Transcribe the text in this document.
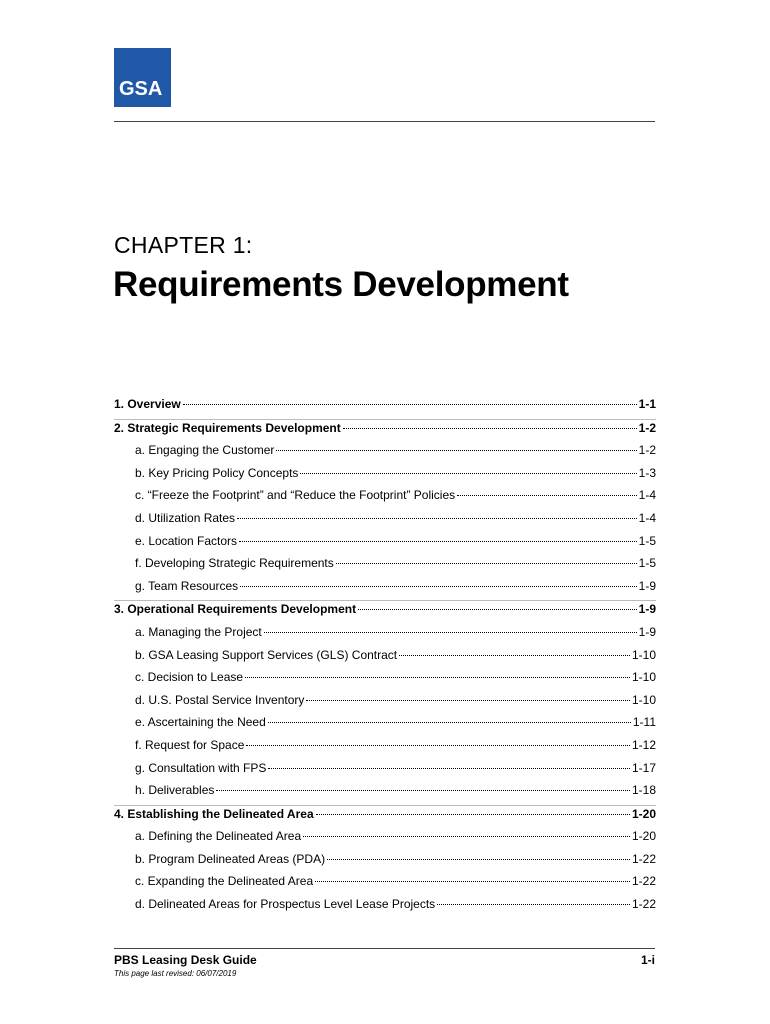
GSA
CHAPTER 1:
Requirements Development
1. Overview	1-1
2. Strategic Requirements Development	1-2
a. Engaging the Customer	1-2
b. Key Pricing Policy Concepts	1-3
c. “Freeze the Footprint” and “Reduce the Footprint” Policies	1-4
d. Utilization Rates	1-4
e. Location Factors	1-5
f. Developing Strategic Requirements	1-5
g. Team Resources	1-9
3. Operational Requirements Development	1-9
a. Managing the Project	1-9
b. GSA Leasing Support Services (GLS) Contract	1-10
c. Decision to Lease	1-10
d. U.S. Postal Service Inventory	1-10
e. Ascertaining the Need	1-11
f. Request for Space	1-12
g. Consultation with FPS	1-17
h. Deliverables	1-18
4. Establishing the Delineated Area	1-20
a. Defining the Delineated Area	1-20
b. Program Delineated Areas (PDA)	1-22
c. Expanding the Delineated Area	1-22
d. Delineated Areas for Prospectus Level Lease Projects	1-22
PBS Leasing Desk Guide	1-i
This page last revised: 06/07/2019
